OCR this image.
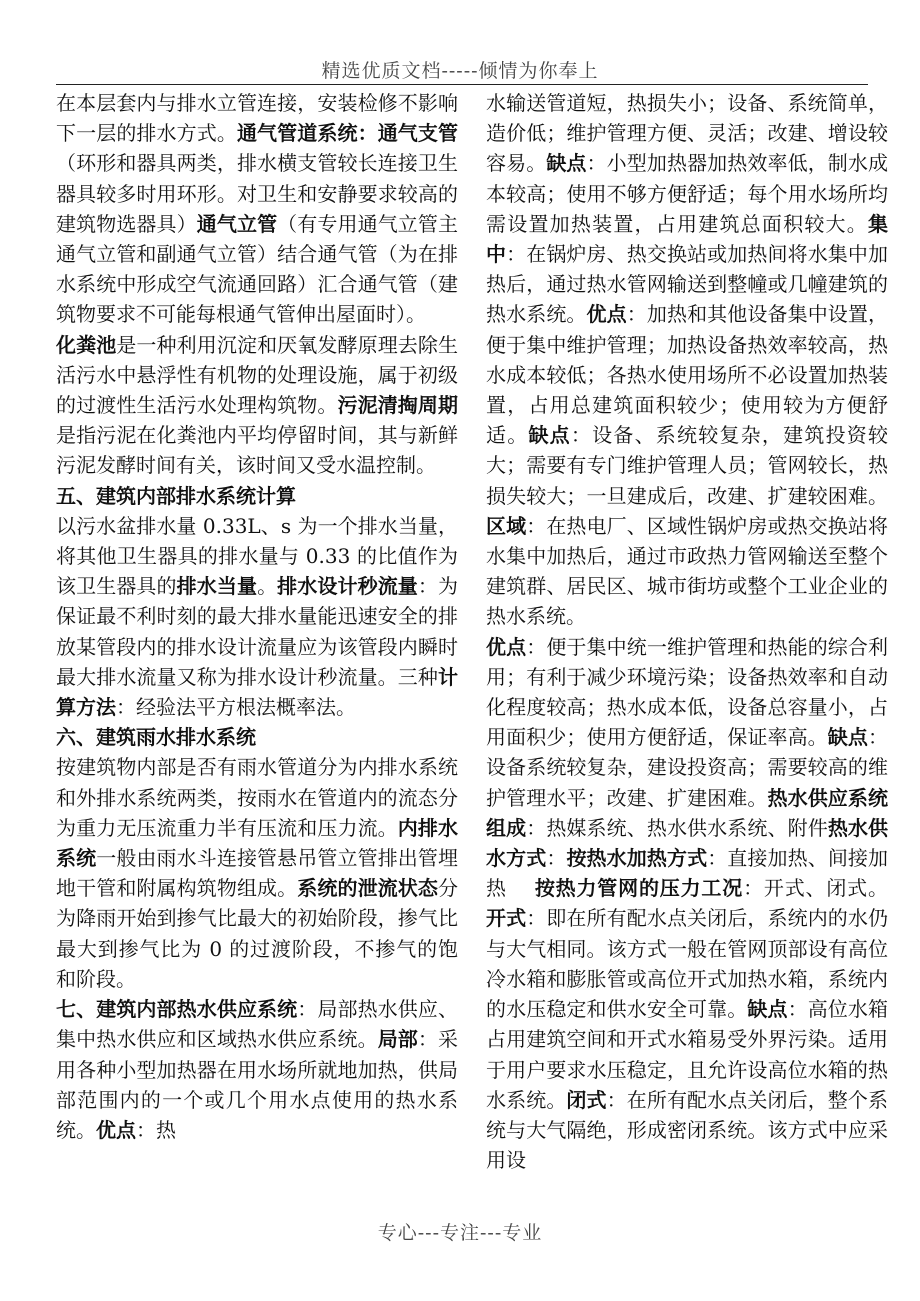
精选优质文档-----倾情为你奉上

在本层套内与排水立管连接，安装检修不影响下一层的排水方式。通气管道系统：通气支管（环形和器具两类，排水横支管较长连接卫生器具较多时用环形。对卫生和安静要求较高的建筑物选器具）通气立管（有专用通气立管主通气立管和副通气立管）结合通气管（为在排水系统中形成空气流通回路）汇合通气管（建筑物要求不可能每根通气管伸出屋面时）。

化粪池是一种利用沉淀和厌氧发酵原理去除生活污水中悬浮性有机物的处理设施，属于初级的过渡性生活污水处理构筑物。污泥清掏周期是指污泥在化粪池内平均停留时间，其与新鲜污泥发酵时间有关，该时间又受水温控制。

五、建筑内部排水系统计算

以污水盆排水量 0.33L、s 为一个排水当量，将其他卫生器具的排水量与 0.33 的比值作为该卫生器具的排水当量。排水设计秒流量：为保证最不利时刻的最大排水量能迅速安全的排放某管段内的排水设计流量应为该管段内瞬时最大排水流量又称为排水设计秒流量。三种计算方法：经验法平方根法概率法。

六、建筑雨水排水系统

按建筑物内部是否有雨水管道分为内排水系统和外排水系统两类，按雨水在管道内的流态分为重力无压流重力半有压流和压力流。内排水系统一般由雨水斗连接管悬吊管立管排出管埋地干管和附属构筑物组成。系统的泄流状态分为降雨开始到掺气比最大的初始阶段，掺气比最大到掺气比为 0 的过渡阶段，不掺气的饱和阶段。

七、建筑内部热水供应系统：局部热水供应、集中热水供应和区域热水供应系统。局部：采用各种小型加热器在用水场所就地加热，供局部范围内的一个或几个用水点使用的热水系统。优点：热

水输送管道短，热损失小；设备、系统简单，造价低；维护管理方便、灵活；改建、增设较容易。缺点：小型加热器加热效率低，制水成本较高；使用不够方便舒适；每个用水场所均需设置加热装置，占用建筑总面积较大。集中：在锅炉房、热交换站或加热间将水集中加热后，通过热水管网输送到整幢或几幢建筑的热水系统。优点：加热和其他设备集中设置，便于集中维护管理；加热设备热效率较高，热水成本较低；各热水使用场所不必设置加热装置，占用总建筑面积较少；使用较为方便舒适。缺点：设备、系统较复杂，建筑投资较大；需要有专门维护管理人员；管网较长，热损失较大；一旦建成后，改建、扩建较困难。区域：在热电厂、区域性锅炉房或热交换站将水集中加热后，通过市政热力管网输送至整个建筑群、居民区、城市街坊或整个工业企业的热水系统。

优点：便于集中统一维护管理和热能的综合利用；有利于减少环境污染；设备热效率和自动化程度较高；热水成本低，设备总容量小，占用面积少；使用方便舒适，保证率高。缺点：设备系统较复杂，建设投资高；需要较高的维护管理水平；改建、扩建困难。热水供应系统组成：热媒系统、热水供水系统、附件热水供水方式：按热水加热方式：直接加热、间接加热　 按热力管网的压力工况：开式、闭式。开式：即在所有配水点关闭后，系统内的水仍与大气相同。该方式一般在管网顶部设有高位冷水箱和膨胀管或高位开式加热水箱，系统内的水压稳定和供水安全可靠。缺点：高位水箱占用建筑空间和开式水箱易受外界污染。适用于用户要求水压稳定，且允许设高位水箱的热水系统。闭式：在所有配水点关闭后，整个系统与大气隔绝，形成密闭系统。该方式中应采用设

专心---专注---专业
